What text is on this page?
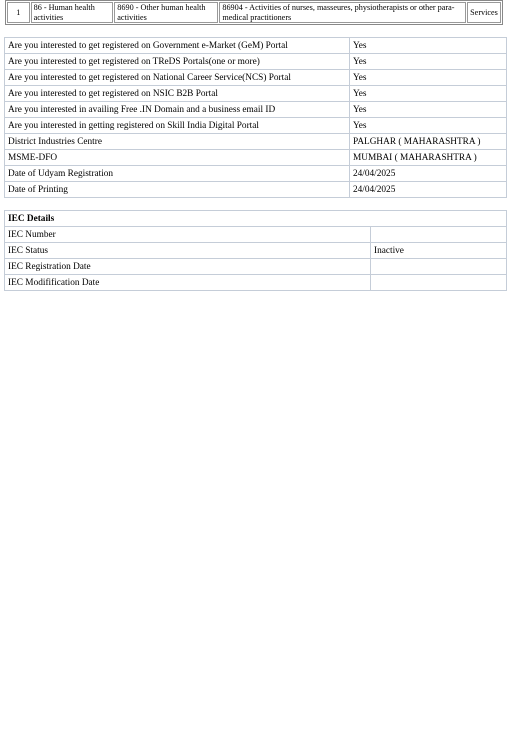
1	86 - Human health activities	8690 - Other human health activities	86904 - Activities of nurses, masseures, physiotherapists or other para-medical practitioners	Services
Are you interested to get registered on Government e-Market (GeM) Portal	Yes
Are you interested to get registered on TReDS Portals(one or more)	Yes
Are you interested to get registered on National Career Service(NCS) Portal	Yes
Are you interested to get registered on NSIC B2B Portal	Yes
Are you interested in availing Free .IN Domain and a business email ID	Yes
Are you interested in getting registered on Skill India Digital Portal	Yes
District Industries Centre	PALGHAR ( MAHARASHTRA )
MSME-DFO	MUMBAI ( MAHARASHTRA )
Date of Udyam Registration	24/04/2025
Date of Printing	24/04/2025
IEC Details	
IEC Number	
IEC Status	Inactive
IEC Registration Date	
IEC Modifification Date	
